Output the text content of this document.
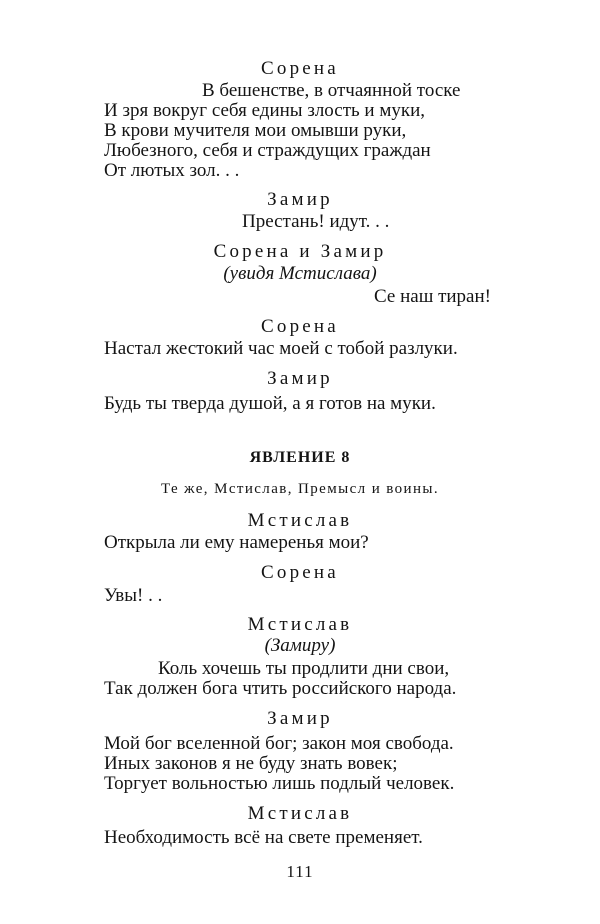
Сорена
В бешенстве, в отчаянной тоске
И зря вокруг себя едины злость и муки,
В крови мучителя мои омывши руки,
Любезного, себя и страждущих граждан
От лютых зол. . .
Замир
Престань! идут. . .
Сорена и Замир
(увидя Мстислава)
Се наш тиран!
Сорена
Настал жестокий час моей с тобой разлуки.
Замир
Будь ты тверда душой, а я готов на муки.
ЯВЛЕНИЕ 8
Те же, Мстислав, Премысл и воины.
Мстислав
Открыла ли ему намеренья мои?
Сорена
Увы! . .
Мстислав
(Замиру)
Коль хочешь ты продлити дни свои,
Так должен бога чтить российского народа.
Замир
Мой бог вселенной бог; закон моя свобода.
Иных законов я не буду знать вовек;
Торгует вольностью лишь подлый человек.
Мстислав
Необходимость всё на свете пременяет.
111
